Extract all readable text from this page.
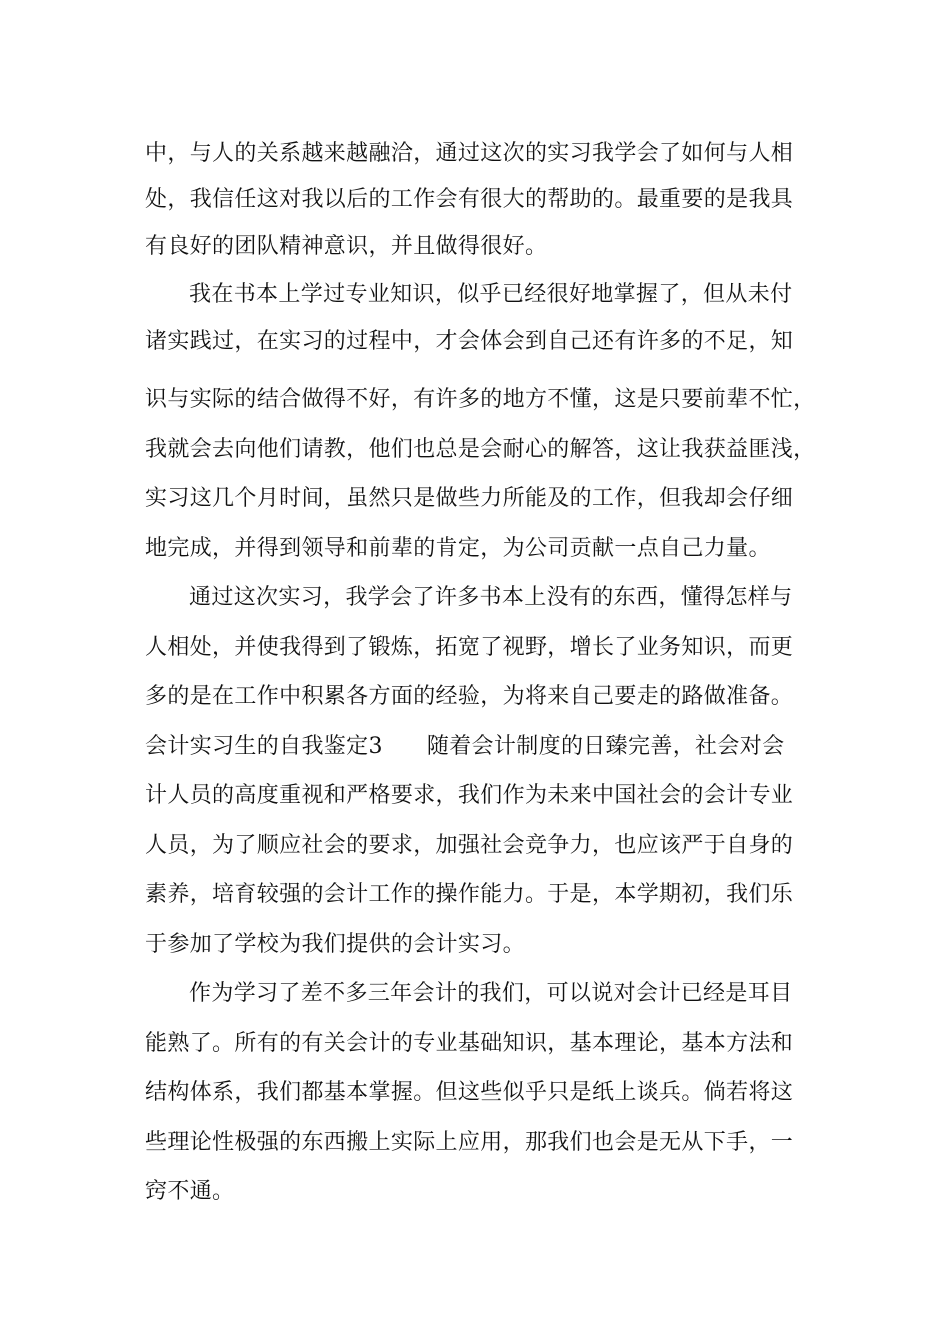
中，与人的关系越来越融洽，通过这次的实习我学会了如何与人相
处，我信任这对我以后的工作会有很大的帮助的。最重要的是我具
有良好的团队精神意识，并且做得很好。
我在书本上学过专业知识，似乎已经很好地掌握了，但从未付
诸实践过，在实习的过程中，才会体会到自己还有许多的不足，知
识与实际的结合做得不好，有许多的地方不懂，这是只要前辈不忙，
我就会去向他们请教，他们也总是会耐心的解答，这让我获益匪浅，
实习这几个月时间，虽然只是做些力所能及的工作，但我却会仔细
地完成，并得到领导和前辈的肯定，为公司贡献一点自己力量。
通过这次实习，我学会了许多书本上没有的东西，懂得怎样与
人相处，并使我得到了锻炼，拓宽了视野，增长了业务知识，而更
多的是在工作中积累各方面的经验，为将来自己要走的路做准备。
会计实习生的自我鉴定3 随着会计制度的日臻完善，社会对会
计人员的高度重视和严格要求，我们作为未来中国社会的会计专业
人员，为了顺应社会的要求，加强社会竞争力，也应该严于自身的
素养，培育较强的会计工作的操作能力。于是，本学期初，我们乐
于参加了学校为我们提供的会计实习。
作为学习了差不多三年会计的我们，可以说对会计已经是耳目
能熟了。所有的有关会计的专业基础知识，基本理论，基本方法和
结构体系，我们都基本掌握。但这些似乎只是纸上谈兵。倘若将这
些理论性极强的东西搬上实际上应用，那我们也会是无从下手，一
窍不通。
